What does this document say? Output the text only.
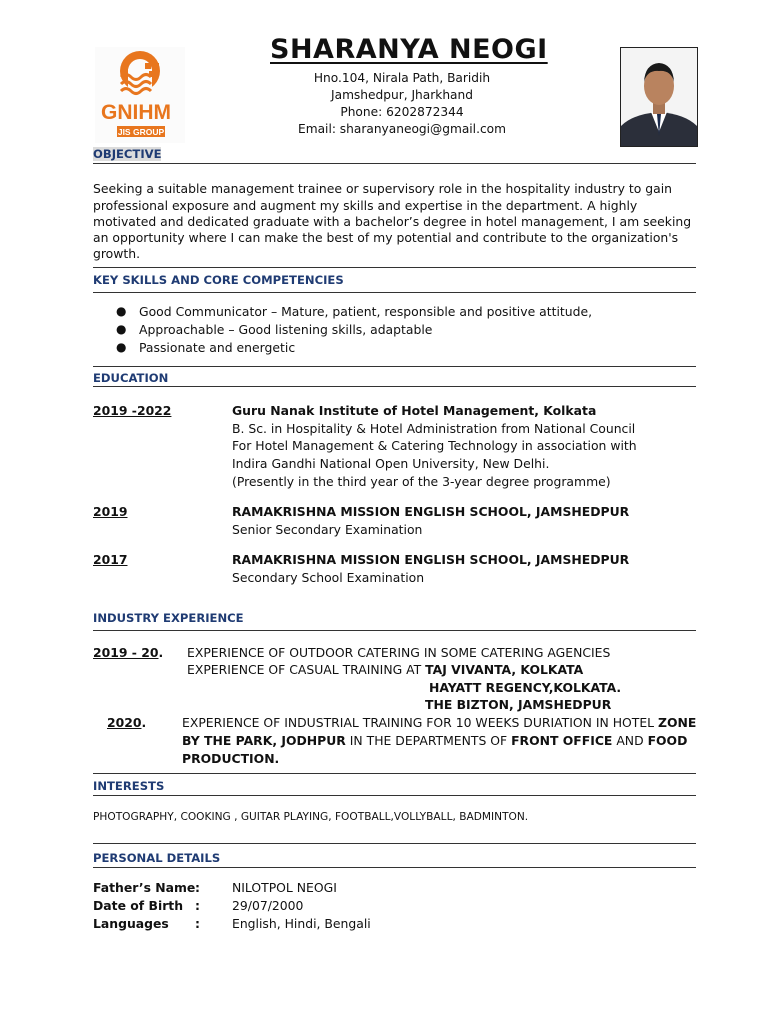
GNIHM
JIS GROUP
SHARANYA NEOGI
Hno.104, Nirala Path, Baridih
Jamshedpur, Jharkhand
Phone: 6202872344
Email: sharanyaneogi@gmail.com
OBJECTIVE
Seeking a suitable management trainee or supervisory role in the hospitality industry to gain
professional exposure and augment my skills and expertise in the department. A highly
motivated and dedicated graduate with a bachelor’s degree in hotel management, I am seeking
an opportunity where I can make the best of my potential and contribute to the organization's
growth.
KEY SKILLS AND CORE COMPETENCIES
● Good Communicator – Mature, patient, responsible and positive attitude,
● Approachable – Good listening skills, adaptable
● Passionate and energetic
EDUCATION
2019 -2022	Guru Nanak Institute of Hotel Management, Kolkata
B. Sc. in Hospitality & Hotel Administration from National Council
For Hotel Management & Catering Technology in association with
Indira Gandhi National Open University, New Delhi.
(Presently in the third year of the 3-year degree programme)
2019	RAMAKRISHNA MISSION ENGLISH SCHOOL, JAMSHEDPUR
Senior Secondary Examination
2017	RAMAKRISHNA MISSION ENGLISH SCHOOL, JAMSHEDPUR
Secondary School Examination
INDUSTRY EXPERIENCE
2019 - 20. EXPERIENCE OF OUTDOOR CATERING IN SOME CATERING AGENCIES
EXPERIENCE OF CASUAL TRAINING AT TAJ VIVANTA, KOLKATA
HAYATT REGENCY,KOLKATA.
THE BIZTON, JAMSHEDPUR
2020.	EXPERIENCE OF INDUSTRIAL TRAINING FOR 10 WEEKS DURIATION IN HOTEL ZONE
BY THE PARK, JODHPUR IN THE DEPARTMENTS OF FRONT OFFICE AND FOOD
PRODUCTION.
INTERESTS
PHOTOGRAPHY, COOKING , GUITAR PLAYING, FOOTBALL,VOLLYBALL, BADMINTON.
PERSONAL DETAILS
Father’s Name :	NILOTPOL NEOGI
Date of Birth :	29/07/2000
Languages :	English, Hindi, Bengali
